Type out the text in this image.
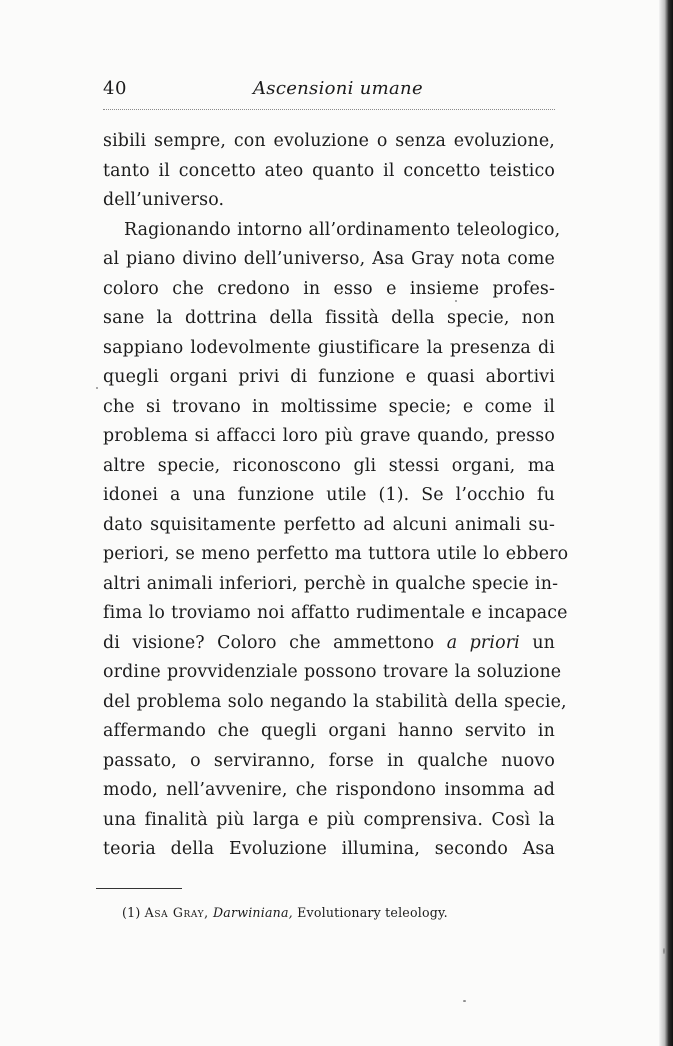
40	Ascensioni umane
sibili sempre, con evoluzione o senza evoluzione,
tanto il concetto ateo quanto il concetto teistico
dell’universo.
Ragionando intorno all’ordinamento teleologico,
al piano divino dell’universo, Asa Gray nota come
coloro che credono in esso e insieme profes-
sane la dottrina della fissità della specie, non
sappiano lodevolmente giustificare la presenza di
quegli organi privi di funzione e quasi abortivi
che si trovano in moltissime specie; e come il
problema si affacci loro più grave quando, presso
altre specie, riconoscono gli stessi organi, ma
idonei a una funzione utile (1). Se l’occhio fu
dato squisitamente perfetto ad alcuni animali su-
periori, se meno perfetto ma tuttora utile lo ebbero
altri animali inferiori, perchè in qualche specie in-
fima lo troviamo noi affatto rudimentale e incapace
di visione? Coloro che ammettono a priori un
ordine provvidenziale possono trovare la soluzione
del problema solo negando la stabilità della specie,
affermando che quegli organi hanno servito in
passato, o serviranno, forse in qualche nuovo
modo, nell’avvenire, che rispondono insomma ad
una finalità più larga e più comprensiva. Così la
teoria della Evoluzione illumina, secondo Asa
(1) Asa Gray, Darwiniana, Evolutionary teleology.
